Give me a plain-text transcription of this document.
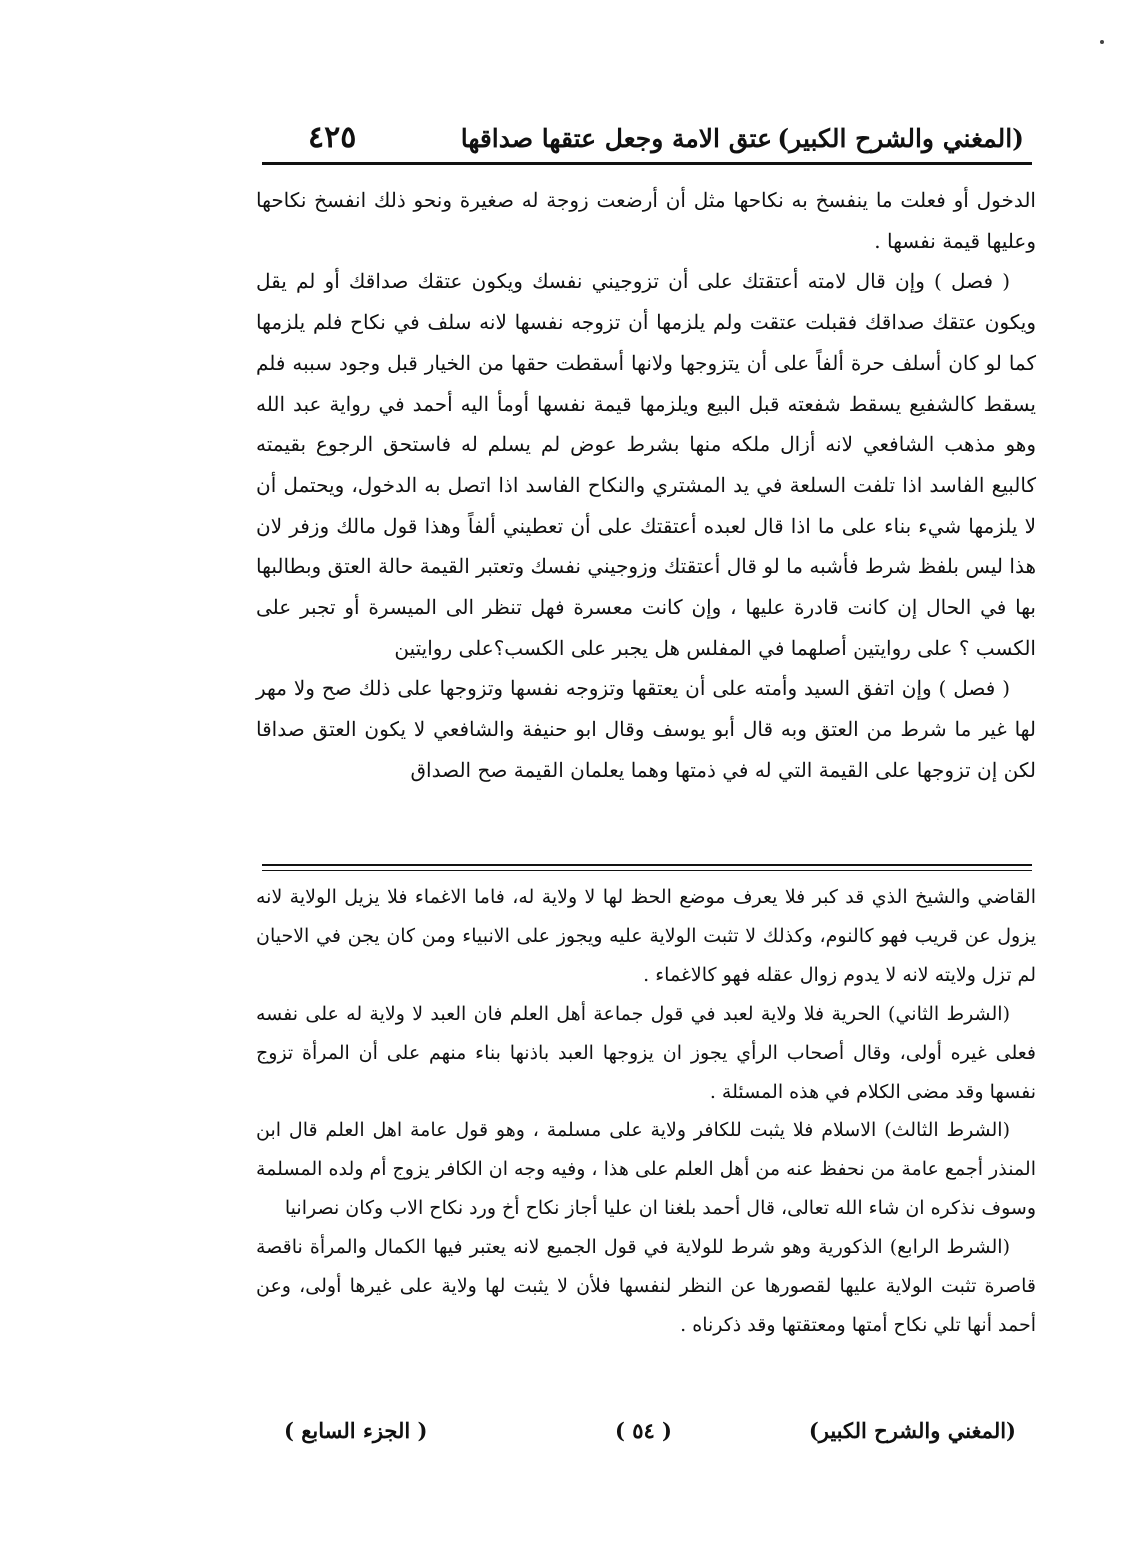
(المغني والشرح الكبير)
عتق الامة وجعل عتقها صداقها
٤٢٥

الدخول أو فعلت ما ينفسخ به نكاحها مثل أن أرضعت زوجة له صغيرة ونحو ذلك انفسخ نكاحها وعليها قيمة نفسها .

( فصل ) وإن قال لامته أعتقتك على أن تزوجيني نفسك ويكون عتقك صداقك أو لم يقل ويكون عتقك صداقك فقبلت عتقت ولم يلزمها أن تزوجه نفسها لانه سلف في نكاح فلم يلزمها كما لو كان أسلف حرة ألفاً على أن يتزوجها ولانها أسقطت حقها من الخيار قبل وجود سببه فلم يسقط كالشفيع يسقط شفعته قبل البيع ويلزمها قيمة نفسها أومأ اليه أحمد في رواية عبد الله وهو مذهب الشافعي لانه أزال ملكه منها بشرط عوض لم يسلم له فاستحق الرجوع بقيمته كالبيع الفاسد اذا تلفت السلعة في يد المشتري والنكاح الفاسد اذا اتصل به الدخول، ويحتمل أن لا يلزمها شيء بناء على ما اذا قال لعبده أعتقتك على أن تعطيني ألفاً وهذا قول مالك وزفر لان هذا ليس بلفظ شرط فأشبه ما لو قال أعتقتك وزوجيني نفسك وتعتبر القيمة حالة العتق وبطالبها بها في الحال إن كانت قادرة عليها ، وإن كانت معسرة فهل تنظر الى الميسرة أو تجبر على الكسب ؟ على روايتين أصلهما في المفلس هل يجبر على الكسب؟على روايتين

( فصل ) وإن اتفق السيد وأمته على أن يعتقها وتزوجه نفسها وتزوجها على ذلك صح ولا مهر لها غير ما شرط من العتق وبه قال أبو يوسف وقال ابو حنيفة والشافعي لا يكون العتق صداقا لكن إن تزوجها على القيمة التي له في ذمتها وهما يعلمان القيمة صح الصداق

القاضي والشيخ الذي قد كبر فلا يعرف موضع الحظ لها لا ولاية له، فاما الاغماء فلا يزيل الولاية لانه يزول عن قريب فهو كالنوم، وكذلك لا تثبت الولاية عليه ويجوز على الانبياء ومن كان يجن في الاحيان لم تزل ولايته لانه لا يدوم زوال عقله فهو كالاغماء .

(الشرط الثاني) الحرية فلا ولاية لعبد في قول جماعة أهل العلم فان العبد لا ولاية له على نفسه فعلى غيره أولى، وقال أصحاب الرأي يجوز ان يزوجها العبد باذنها بناء منهم على أن المرأة تزوج نفسها وقد مضى الكلام في هذه المسئلة .

(الشرط الثالث) الاسلام فلا يثبت للكافر ولاية على مسلمة ، وهو قول عامة اهل العلم قال ابن المنذر أجمع عامة من نحفظ عنه من أهل العلم على هذا ، وفيه وجه ان الكافر يزوج أم ولده المسلمة وسوف نذكره ان شاء الله تعالى، قال أحمد بلغنا ان عليا أجاز نكاح أخ ورد نكاح الاب وكان نصرانيا

(الشرط الرابع) الذكورية وهو شرط للولاية في قول الجميع لانه يعتبر فيها الكمال والمرأة ناقصة قاصرة تثبت الولاية عليها لقصورها عن النظر لنفسها فلأن لا يثبت لها ولاية على غيرها أولى، وعن أحمد أنها تلي نكاح أمتها ومعتقتها وقد ذكرناه .

(المغني والشرح الكبير)
( ٥٤ )
( الجزء السابع )
